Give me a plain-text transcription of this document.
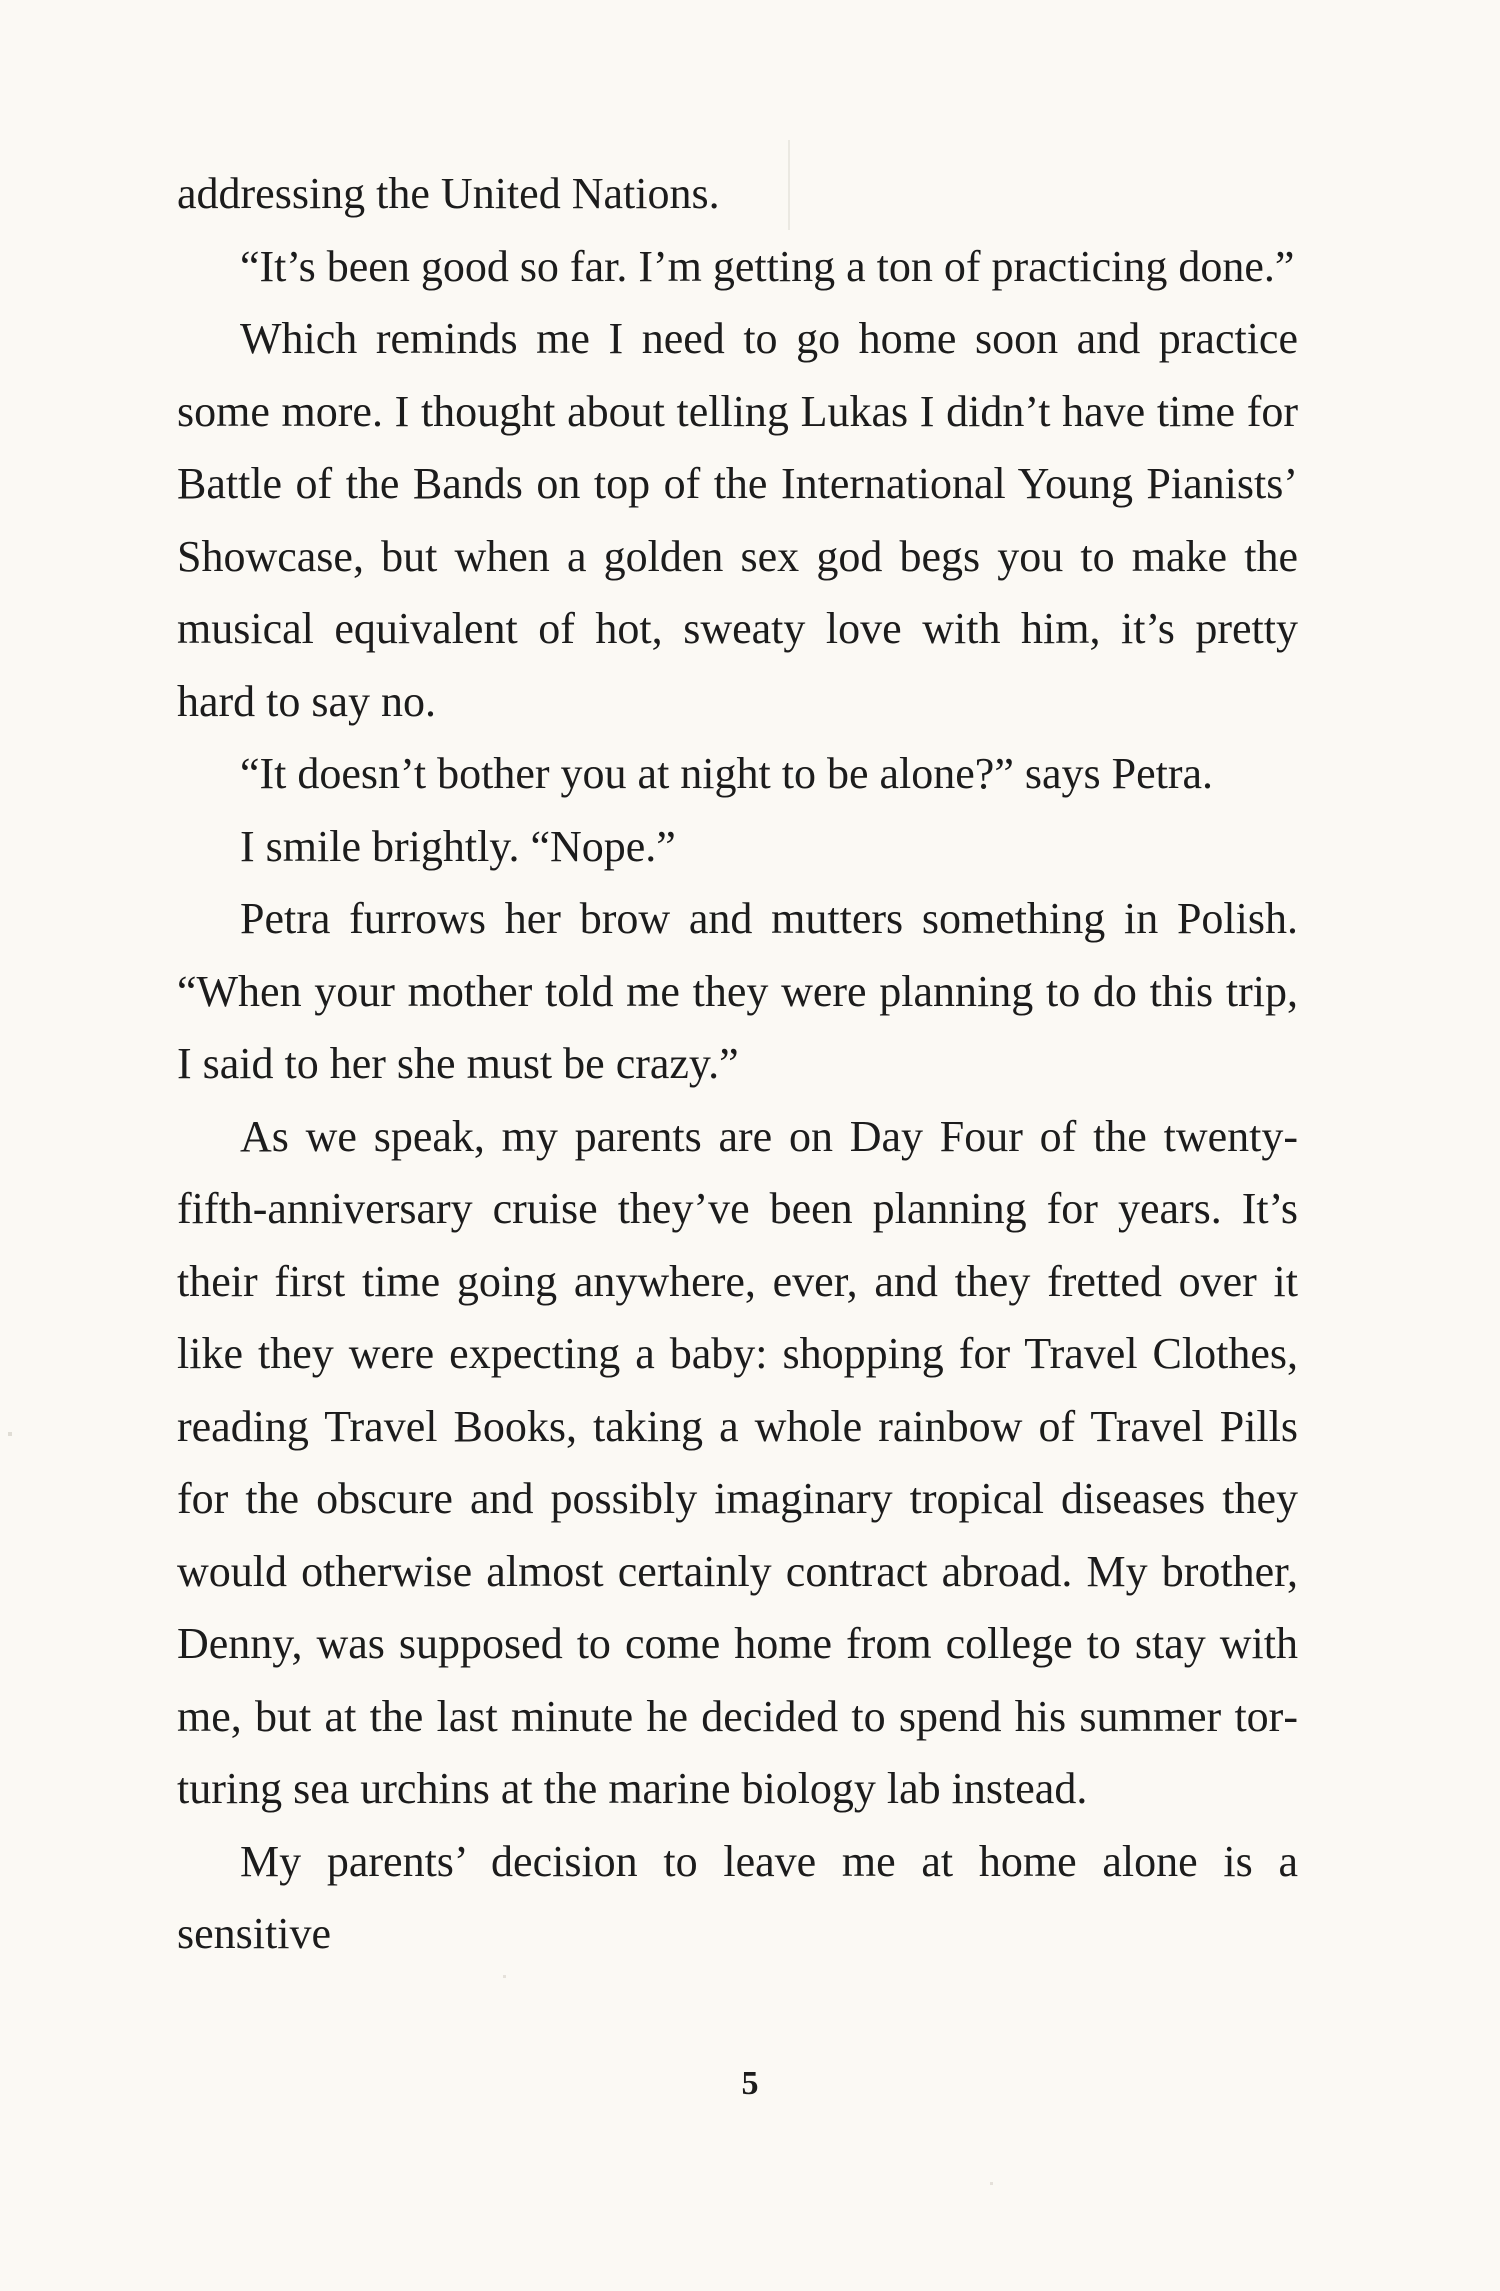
addressing the United Nations.

“It’s been good so far. I’m getting a ton of practicing done.”

Which reminds me I need to go home soon and practice some more. I thought about telling Lukas I didn’t have time for Battle of the Bands on top of the International Young Pianists’ Showcase, but when a golden sex god begs you to make the musical equivalent of hot, sweaty love with him, it’s pretty hard to say no.

“It doesn’t bother you at night to be alone?” says Petra.

I smile brightly. “Nope.”

Petra furrows her brow and mutters something in Polish. “When your mother told me they were planning to do this trip, I said to her she must be crazy.”

As we speak, my parents are on Day Four of the twenty-fifth-anniversary cruise they’ve been planning for years. It’s their first time going anywhere, ever, and they fretted over it like they were expecting a baby: shopping for Travel Clothes, reading Travel Books, taking a whole rainbow of Travel Pills for the obscure and possibly imaginary tropical diseases they would otherwise almost certainly contract abroad. My brother, Denny, was supposed to come home from college to stay with me, but at the last minute he decided to spend his summer torturing sea urchins at the marine biology lab instead.

My parents’ decision to leave me at home alone is a sensitive

5
